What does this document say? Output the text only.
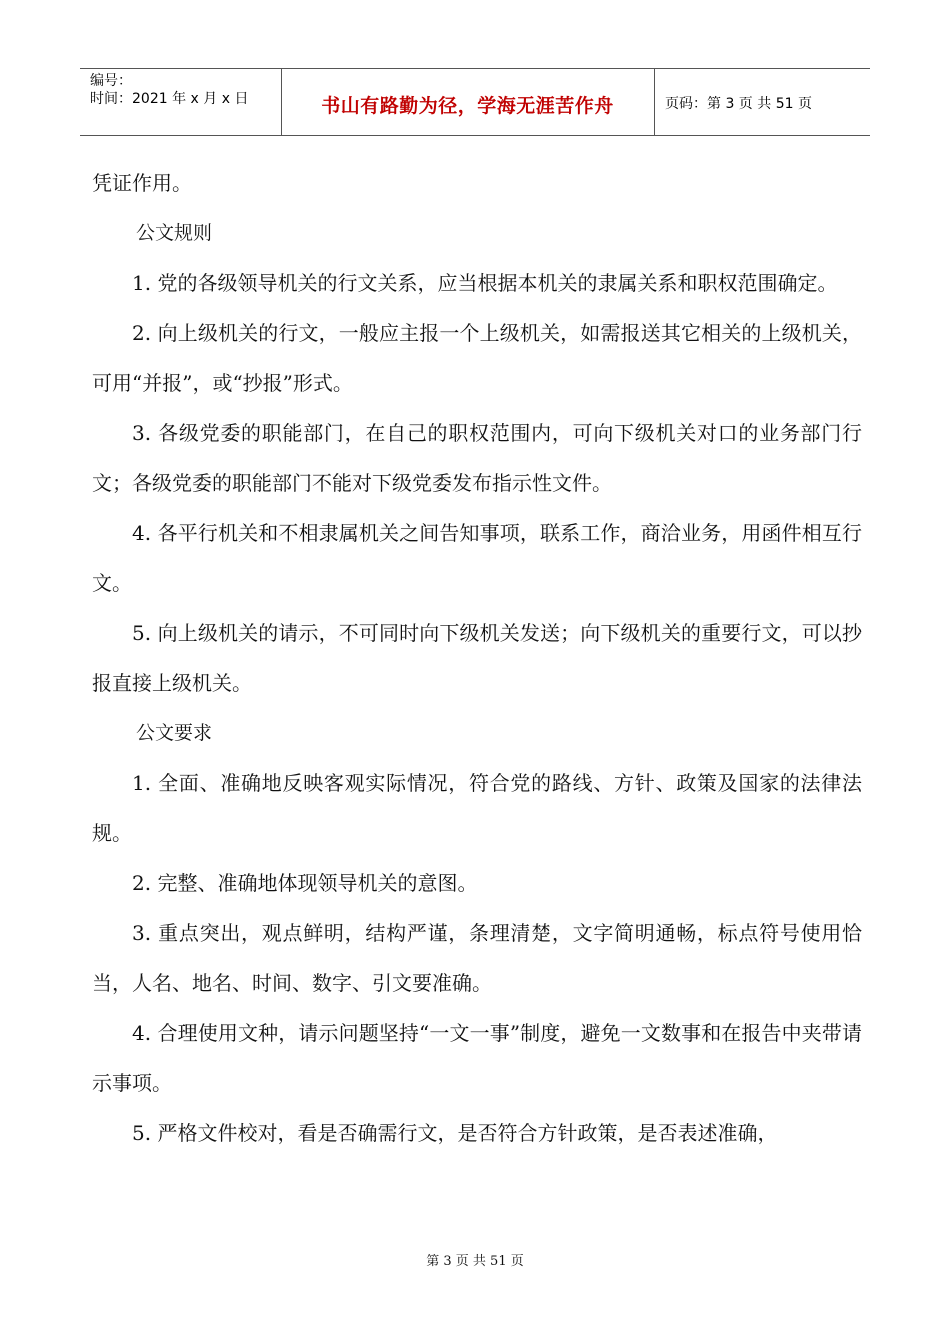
编号：
时间：2021 年 x 月 x 日	书山有路勤为径，学海无涯苦作舟	页码：第 3 页 共 51 页

凭证作用。

公文规则

1. 党的各级领导机关的行文关系，应当根据本机关的隶属关系和职权范围确定。

2. 向上级机关的行文，一般应主报一个上级机关，如需报送其它相关的上级机关，可用“并报”，或“抄报”形式。

3. 各级党委的职能部门，在自己的职权范围内，可向下级机关对口的业务部门行文；各级党委的职能部门不能对下级党委发布指示性文件。

4. 各平行机关和不相隶属机关之间告知事项，联系工作，商洽业务，用函件相互行文。

5. 向上级机关的请示，不可同时向下级机关发送；向下级机关的重要行文，可以抄报直接上级机关。

公文要求

1. 全面、准确地反映客观实际情况，符合党的路线、方针、政策及国家的法律法规。

2. 完整、准确地体现领导机关的意图。

3. 重点突出，观点鲜明，结构严谨，条理清楚，文字简明通畅，标点符号使用恰当，人名、地名、时间、数字、引文要准确。

4. 合理使用文种，请示问题坚持“一文一事”制度，避免一文数事和在报告中夹带请示事项。

5. 严格文件校对，看是否确需行文，是否符合方针政策，是否表述准确，

第 3 页 共 51 页
